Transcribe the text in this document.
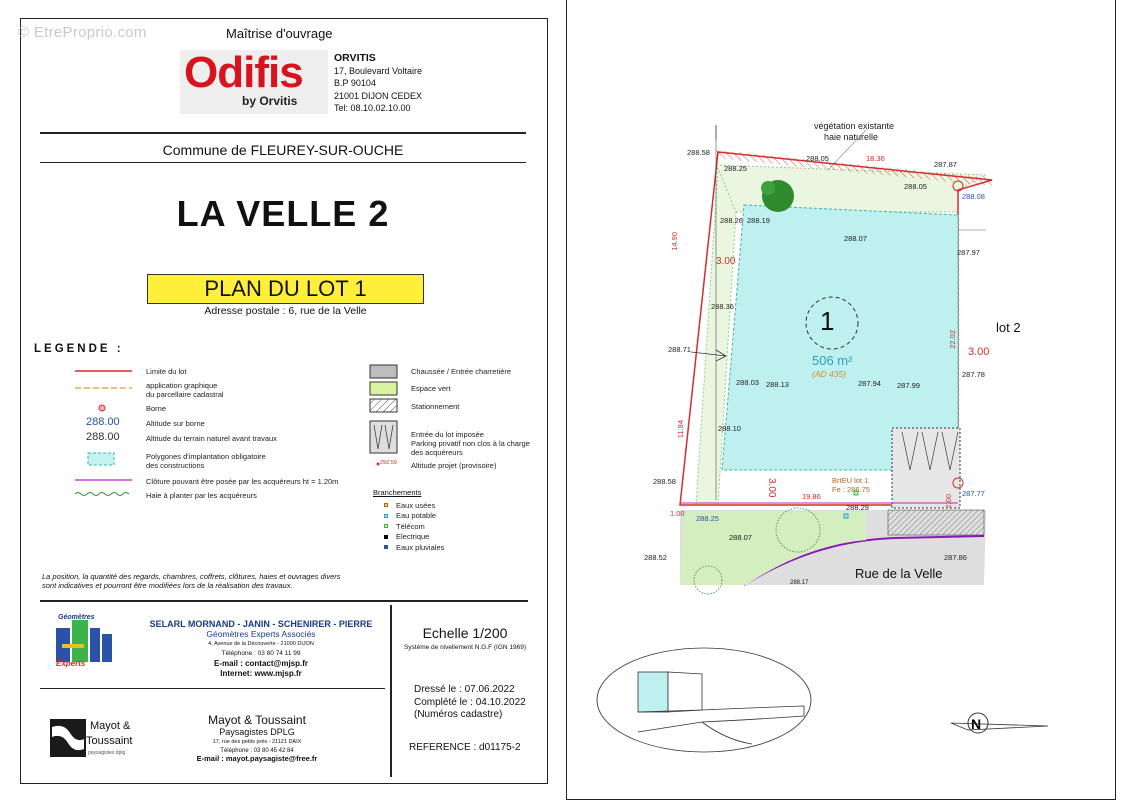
© EtreProprio.com	Maîtrise d'ouvrage
Odifis
by Orvitis
ORVITIS
17, Boulevard Voltaire
B.P 90104
21001 DIJON CEDEX
Tel: 08.10.02.10.00
Commune de FLEUREY-SUR-OUCHE
LA VELLE 2
PLAN DU LOT 1
Adresse postale : 6, rue de la Velle
LEGENDE :
Limite du lot
application graphique
du parcellaire cadastral
Borne
288.00	Altitude sur borne
288.00	Altitude du terrain naturel avant travaux
Polygones d'implantation obligatoire
des constructions
Clôture pouvant être posée par les acquéreurs ht = 1.20m
Haie à planter par les acquéreurs
Chaussée / Entrée charretière
Espace vert
Stationnement
Entrée du lot imposée
Parking privatif non clos à la charge
des acquéreurs
292.59 Altitude projet (provisoire)
Branchements
Eaux usées
Eau potable
Télécom
Electrique
Eaux pluviales
La position, la quantité des regards, chambres, coffrets, clôtures, haies et ouvrages divers sont indicatives et pourront être modifiées lors de la réalisation des travaux.
Géomètres
Experts
SELARL MORNAND - JANIN - SCHENIRER - PIERRE
Géomètres Experts Associés
4, Avenue de la Découverte - 21000 DIJON
Téléphone : 03 80 74 11 99
E-mail : contact@mjsp.fr
Internet: www.mjsp.fr
Mayot &
Toussaint
paysagistes dplg
Mayot & Toussaint
Paysagistes DPLG
17, rue des petits prés - 21121 DAIX
Téléphone : 03 80 45 42 84
E-mail : mayot.paysagiste@free.fr
Echelle 1/200
Système de nivellement N.G.F (IGN 1969)
Dressé le : 07.06.2022
Complété le : 04.10.2022
(Numéros cadastre)
REFERENCE : d01175-2
N
végétation existante
haie naturelle
1
506 m²
(AD 435)
lot 2
Rue de la Velle
BrtEU lot 1
Fe : 286.75
18.36
14.90
22.02
11.84
19.86
3.00
3.00
3.00
2.00
1.00
288.58
288.05
287.87
288.25
288.05
288.26 288.19
288.07
287.97
288.36
288.71
288.03 288.13	287.94 287.99
287.78
288.10
288.58
288.25
288.29
288.07
287.86
288.52
288.17
288.08
287.77
